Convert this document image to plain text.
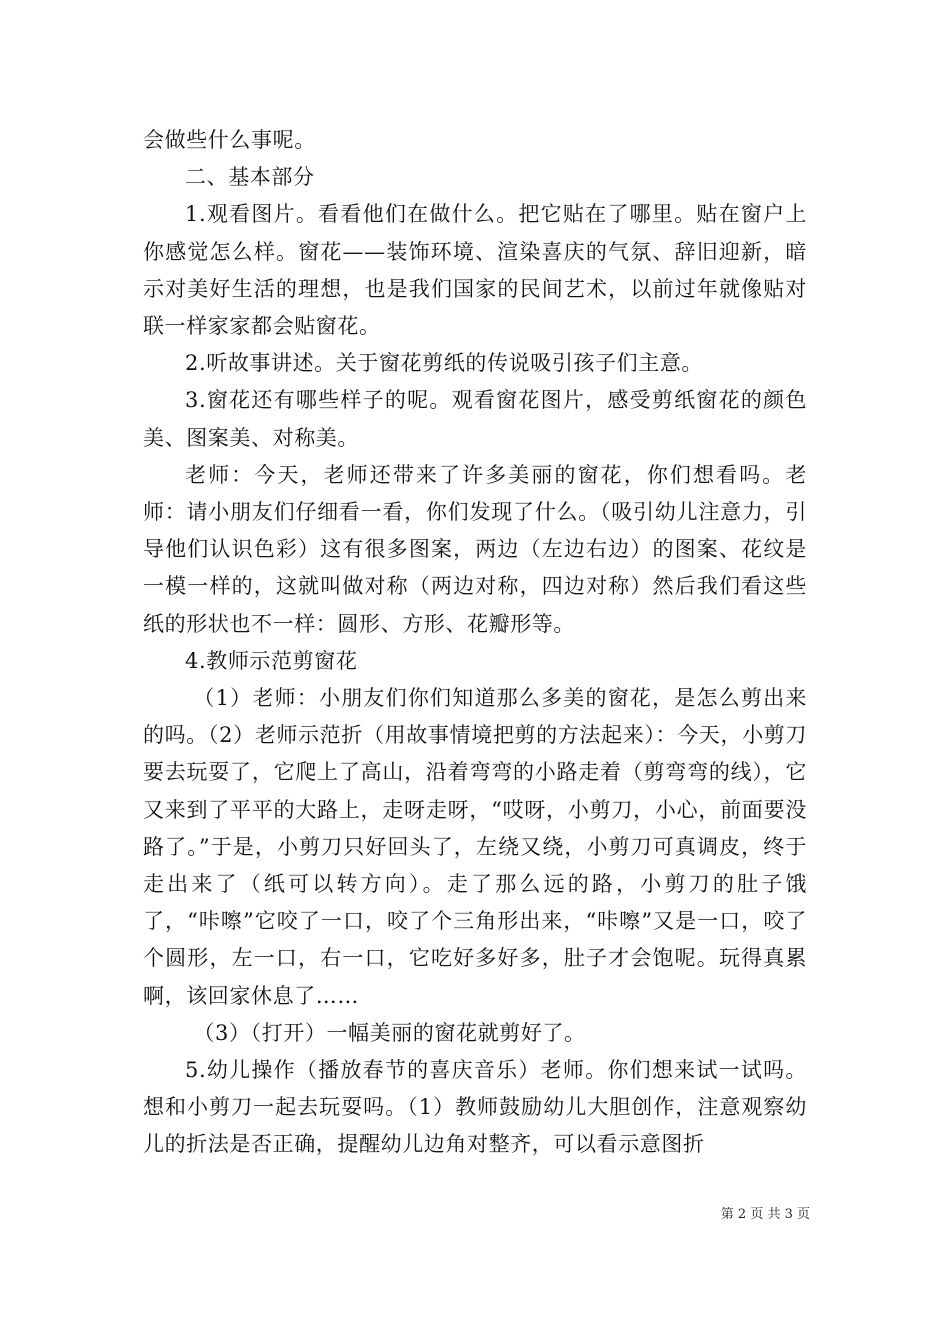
会做些什么事呢。

二、基本部分

1.观看图片。看看他们在做什么。把它贴在了哪里。贴在窗户上你感觉怎么样。窗花——装饰环境、渲染喜庆的气氛、辞旧迎新，暗示对美好生活的理想，也是我们国家的民间艺术，以前过年就像贴对联一样家家都会贴窗花。

2.听故事讲述。关于窗花剪纸的传说吸引孩子们主意。

3.窗花还有哪些样子的呢。观看窗花图片，感受剪纸窗花的颜色美、图案美、对称美。

老师：今天，老师还带来了许多美丽的窗花，你们想看吗。老师：请小朋友们仔细看一看，你们发现了什么。（吸引幼儿注意力，引导他们认识色彩）这有很多图案，两边（左边右边）的图案、花纹是一模一样的，这就叫做对称（两边对称，四边对称）然后我们看这些纸的形状也不一样：圆形、方形、花瓣形等。

4.教师示范剪窗花

（1）老师：小朋友们你们知道那么多美的窗花，是怎么剪出来的吗。（2）老师示范折（用故事情境把剪的方法起来）：今天，小剪刀要去玩耍了，它爬上了高山，沿着弯弯的小路走着（剪弯弯的线），它又来到了平平的大路上，走呀走呀，“哎呀，小剪刀，小心，前面要没路了。”于是，小剪刀只好回头了，左绕又绕，小剪刀可真调皮，终于走出来了（纸可以转方向）。走了那么远的路，小剪刀的肚子饿了，“咔嚓”它咬了一口，咬了个三角形出来，“咔嚓”又是一口，咬了个圆形，左一口，右一口，它吃好多好多，肚子才会饱呢。玩得真累啊，该回家休息了……

（3）（打开）一幅美丽的窗花就剪好了。

5.幼儿操作（播放春节的喜庆音乐）老师。你们想来试一试吗。想和小剪刀一起去玩耍吗。（1）教师鼓励幼儿大胆创作，注意观察幼儿的折法是否正确，提醒幼儿边角对整齐，可以看示意图折

第 2 页 共 3 页
